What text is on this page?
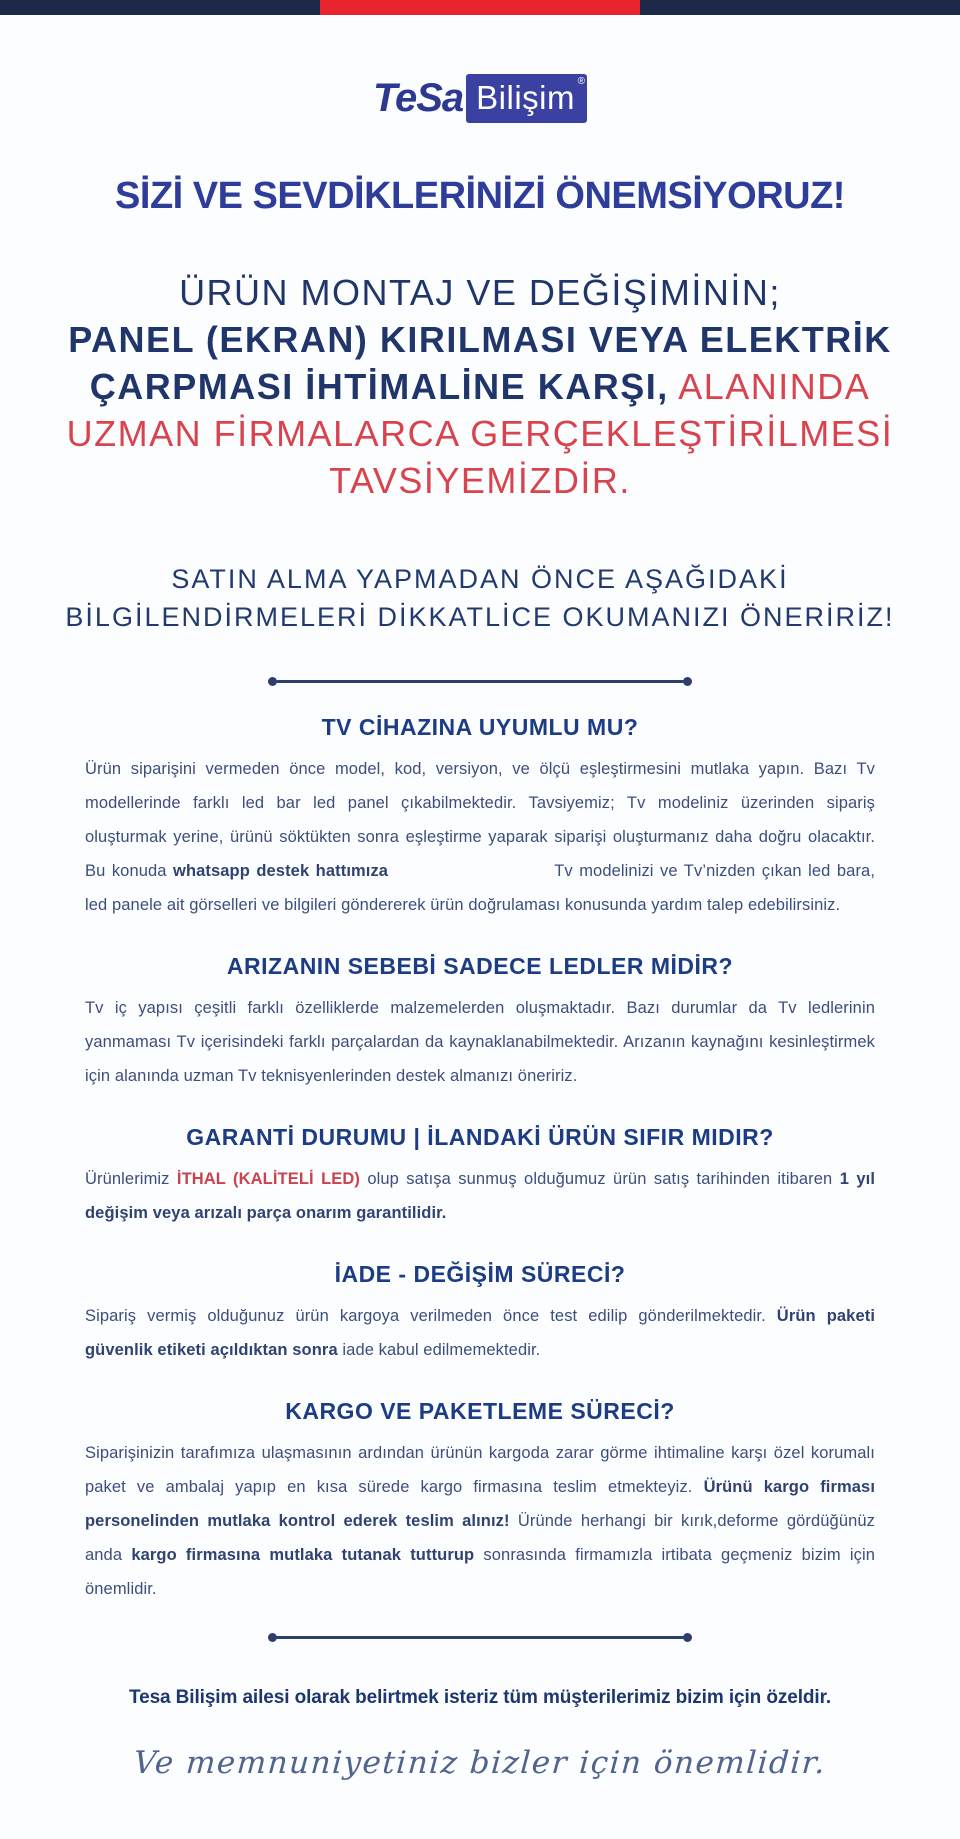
TeSa Bilişim ®
SİZİ VE SEVDİKLERİNİZİ ÖNEMSİYORUZ!
ÜRÜN MONTAJ VE DEĞİŞİMİNİN;
PANEL (EKRAN) KIRILMASI VEYA ELEKTRİK
ÇARPMASI İHTİMALİNE KARŞI, ALANINDA
UZMAN FİRMALARCA GERÇEKLEŞTİRİLMESİ
TAVSİYEMİZDİR.
SATIN ALMA YAPMADAN ÖNCE AŞAĞIDAKİ
BİLGİLENDİRMELERİ DİKKATLİCE OKUMANIZI ÖNERİRİZ!
TV CİHAZINA UYUMLU MU?

Ürün siparişini vermeden önce model, kod, versiyon, ve ölçü eşleştirmesini mutlaka yapın. Bazı Tv modellerinde farklı led bar led panel çıkabilmektedir. Tavsiyemiz; Tv modeliniz üzerinden sipariş oluşturmak yerine, ürünü söktükten sonra eşleştirme yaparak siparişi oluşturmanız daha doğru olacaktır. Bu konuda whatsapp destek hattımıza	Tv modelinizi ve Tv’nizden çıkan led bara, led panele ait görselleri ve bilgileri göndererek ürün doğrulaması konusunda yardım talep edebilirsiniz.

ARIZANIN SEBEBİ SADECE LEDLER MİDİR?

Tv iç yapısı çeşitli farklı özelliklerde malzemelerden oluşmaktadır. Bazı durumlar da Tv ledlerinin yanmaması Tv içerisindeki farklı parçalardan da kaynaklanabilmektedir. Arızanın kaynağını kesinleştirmek için alanında uzman Tv teknisyenlerinden destek almanızı öneririz.

GARANTİ DURUMU | İLANDAKİ ÜRÜN SIFIR MIDIR?

Ürünlerimiz İTHAL (KALİTELİ LED) olup satışa sunmuş olduğumuz ürün satış tarihinden itibaren 1 yıl değişim veya arızalı parça onarım garantilidir.

İADE - DEĞİŞİM SÜRECİ?

Sipariş vermiş olduğunuz ürün kargoya verilmeden önce test edilip gönderilmektedir. Ürün paketi güvenlik etiketi açıldıktan sonra iade kabul edilmemektedir.

KARGO VE PAKETLEME SÜRECİ?

Siparişinizin tarafımıza ulaşmasının ardından ürünün kargoda zarar görme ihtimaline karşı özel korumalı paket ve ambalaj yapıp en kısa sürede kargo firmasına teslim etmekteyiz. Ürünü kargo firması personelinden mutlaka kontrol ederek teslim alınız! Üründe herhangi bir kırık,deforme gördüğünüz anda kargo firmasına mutlaka tutanak tutturup sonrasında firmamızla irtibata geçmeniz bizim için önemlidir.

Tesa Bilişim ailesi olarak belirtmek isteriz tüm müşterilerimiz bizim için özeldir.

Ve memnuniyetiniz bizler için önemlidir.
